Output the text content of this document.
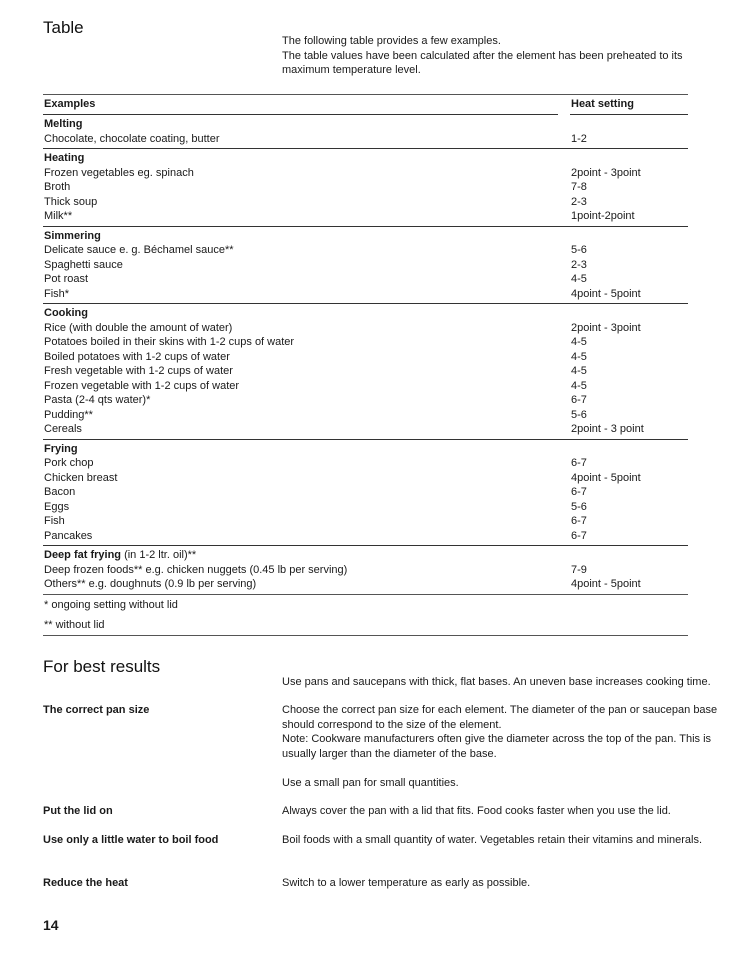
Table

The following table provides a few examples.

The table values have been calculated after the element has been preheated to its maximum temperature level.

Examples	Heat setting
Melting
Chocolate, chocolate coating, butter	1-2
Heating
Frozen vegetables eg. spinach	2point - 3point
Broth	7-8
Thick soup	2-3
Milk**	1point-2point
Simmering
Delicate sauce e. g. Béchamel sauce**	5-6
Spaghetti sauce	2-3
Pot roast	4-5
Fish*	4point - 5point
Cooking
Rice (with double the amount of water)	2point - 3point
Potatoes boiled in their skins with 1-2 cups of water	4-5
Boiled potatoes with 1-2 cups of water	4-5
Fresh vegetable with 1-2 cups of water	4-5
Frozen vegetable with 1-2 cups of water	4-5
Pasta (2-4 qts water)*	6-7
Pudding**	5-6
Cereals	2point - 3 point
Frying
Pork chop	6-7
Chicken breast	4point - 5point
Bacon	6-7
Eggs	5-6
Fish	6-7
Pancakes	6-7
Deep fat frying (in 1-2 ltr. oil)**
Deep frozen foods** e.g. chicken nuggets (0.45 lb per serving)	7-9
Others** e.g. doughnuts (0.9 lb per serving)	4point - 5point
* ongoing setting without lid
** without lid
For best results
Use pans and saucepans with thick, flat bases. An uneven base increases cooking time.
The correct pan size	Choose the correct pan size for each element. The diameter of the pan or saucepan base should correspond to the size of the element.

Note: Cookware manufacturers often give the diameter across the top of the pan. This is usually larger than the diameter of the base.

Use a small pan for small quantities.

Put the lid on	Always cover the pan with a lid that fits. Food cooks faster when you use the lid.

Use only a little water to boil food	Boil foods with a small quantity of water. Vegetables retain their vitamins and minerals.

Reduce the heat	Switch to a lower temperature as early as possible.

14
